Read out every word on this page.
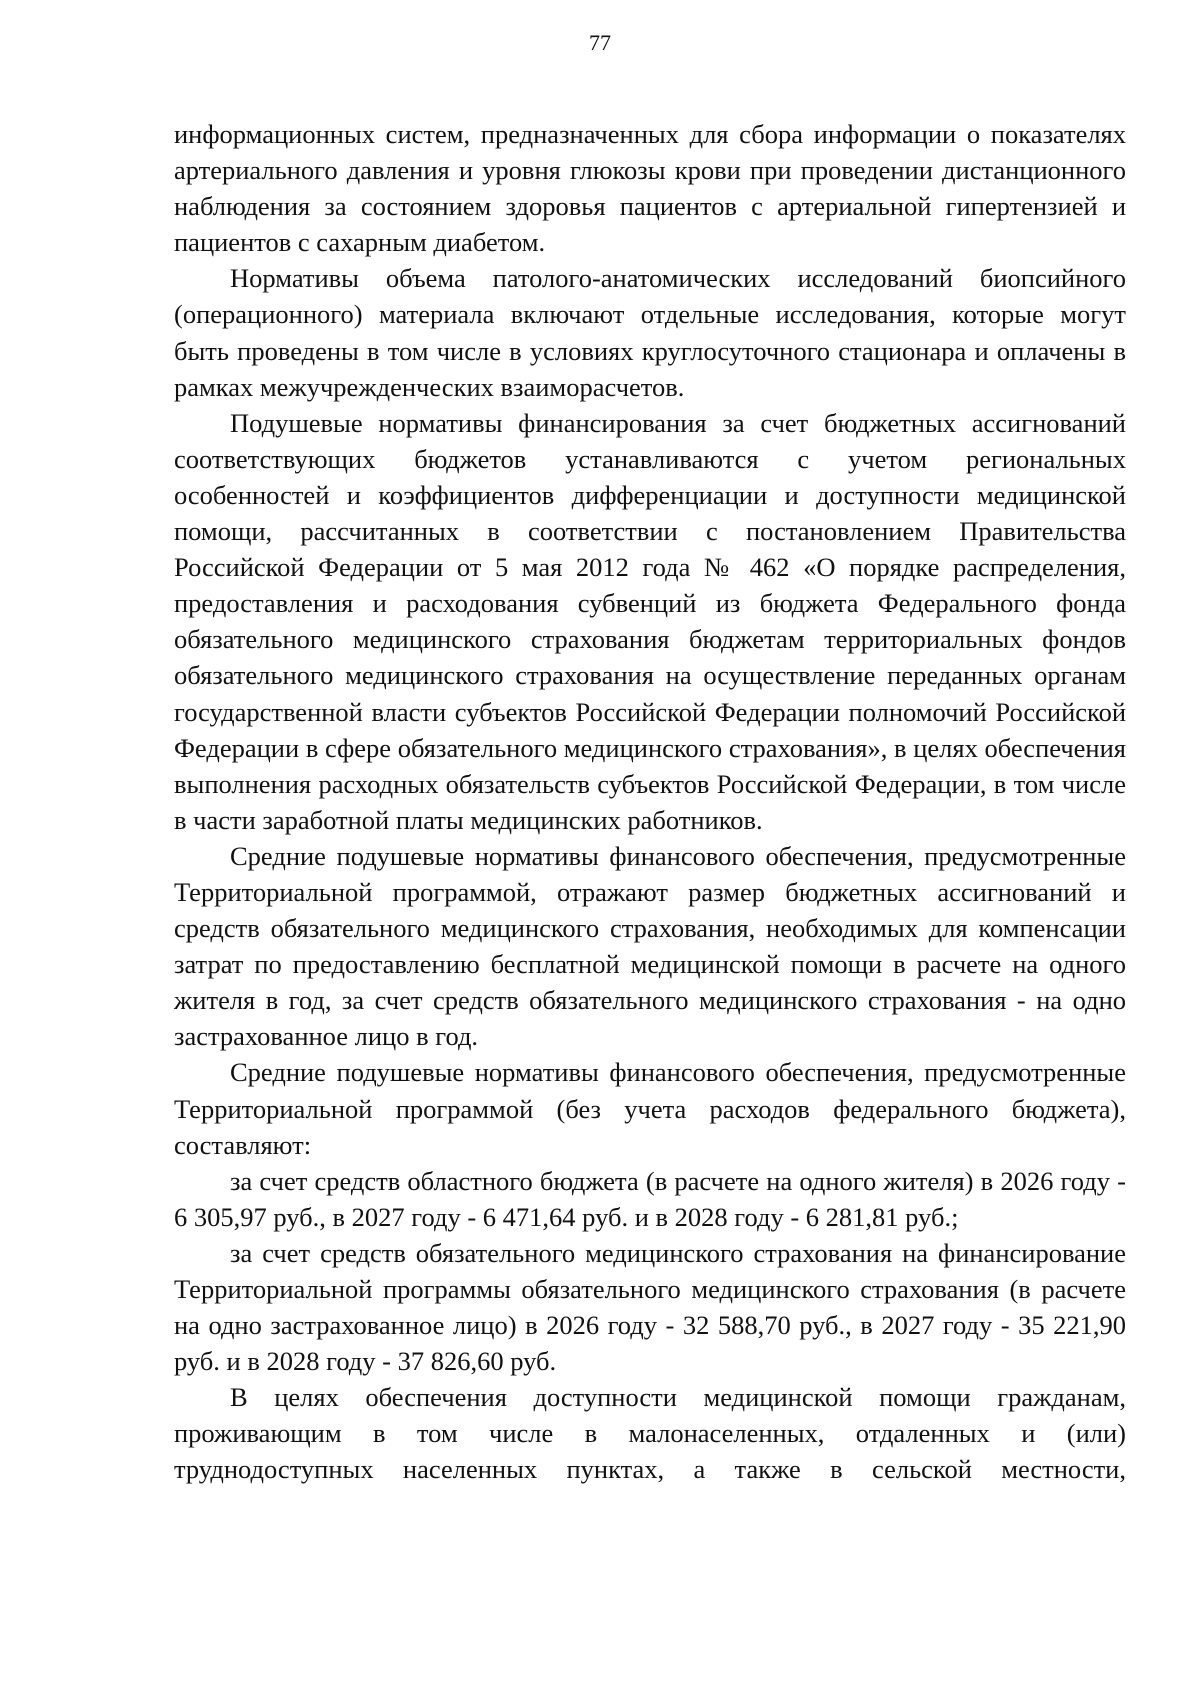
77

информационных систем, предназначенных для сбора информации о показателях артериального давления и уровня глюкозы крови при проведении дистанционного наблюдения за состоянием здоровья пациентов с артериальной гипертензией и пациентов с сахарным диабетом.

Нормативы объема патолого-анатомических исследований биопсийного (операционного) материала включают отдельные исследования, которые могут быть проведены в том числе в условиях круглосуточного стационара и оплачены в рамках межучрежденческих взаиморасчетов.

Подушевые нормативы финансирования за счет бюджетных ассигнований соответствующих бюджетов устанавливаются с учетом региональных особенностей и коэффициентов дифференциации и доступности медицинской помощи, рассчитанных в соответствии с постановлением Правительства Российской Федерации от 5 мая 2012 года № 462 «О порядке распределения, предоставления и расходования субвенций из бюджета Федерального фонда обязательного медицинского страхования бюджетам территориальных фондов обязательного медицинского страхования на осуществление переданных органам государственной власти субъектов Российской Федерации полномочий Российской Федерации в сфере обязательного медицинского страхования», в целях обеспечения выполнения расходных обязательств субъектов Российской Федерации, в том числе в части заработной платы медицинских работников.

Средние подушевые нормативы финансового обеспечения, предусмотренные Территориальной программой, отражают размер бюджетных ассигнований и средств обязательного медицинского страхования, необходимых для компенсации затрат по предоставлению бесплатной медицинской помощи в расчете на одного жителя в год, за счет средств обязательного медицинского страхования - на одно застрахованное лицо в год.

Средние подушевые нормативы финансового обеспечения, предусмотренные Территориальной программой (без учета расходов федерального бюджета), составляют:

за счет средств областного бюджета (в расчете на одного жителя) в 2026 году - 6 305,97 руб., в 2027 году - 6 471,64 руб. и в 2028 году - 6 281,81 руб.;

за счет средств обязательного медицинского страхования на финансирование Территориальной программы обязательного медицинского страхования (в расчете на одно застрахованное лицо) в 2026 году - 32 588,70 руб., в 2027 году - 35 221,90 руб. и в 2028 году - 37 826,60 руб.

В целях обеспечения доступности медицинской помощи гражданам, проживающим в том числе в малонаселенных, отдаленных и (или) труднодоступных населенных пунктах, а также в сельской местности,
